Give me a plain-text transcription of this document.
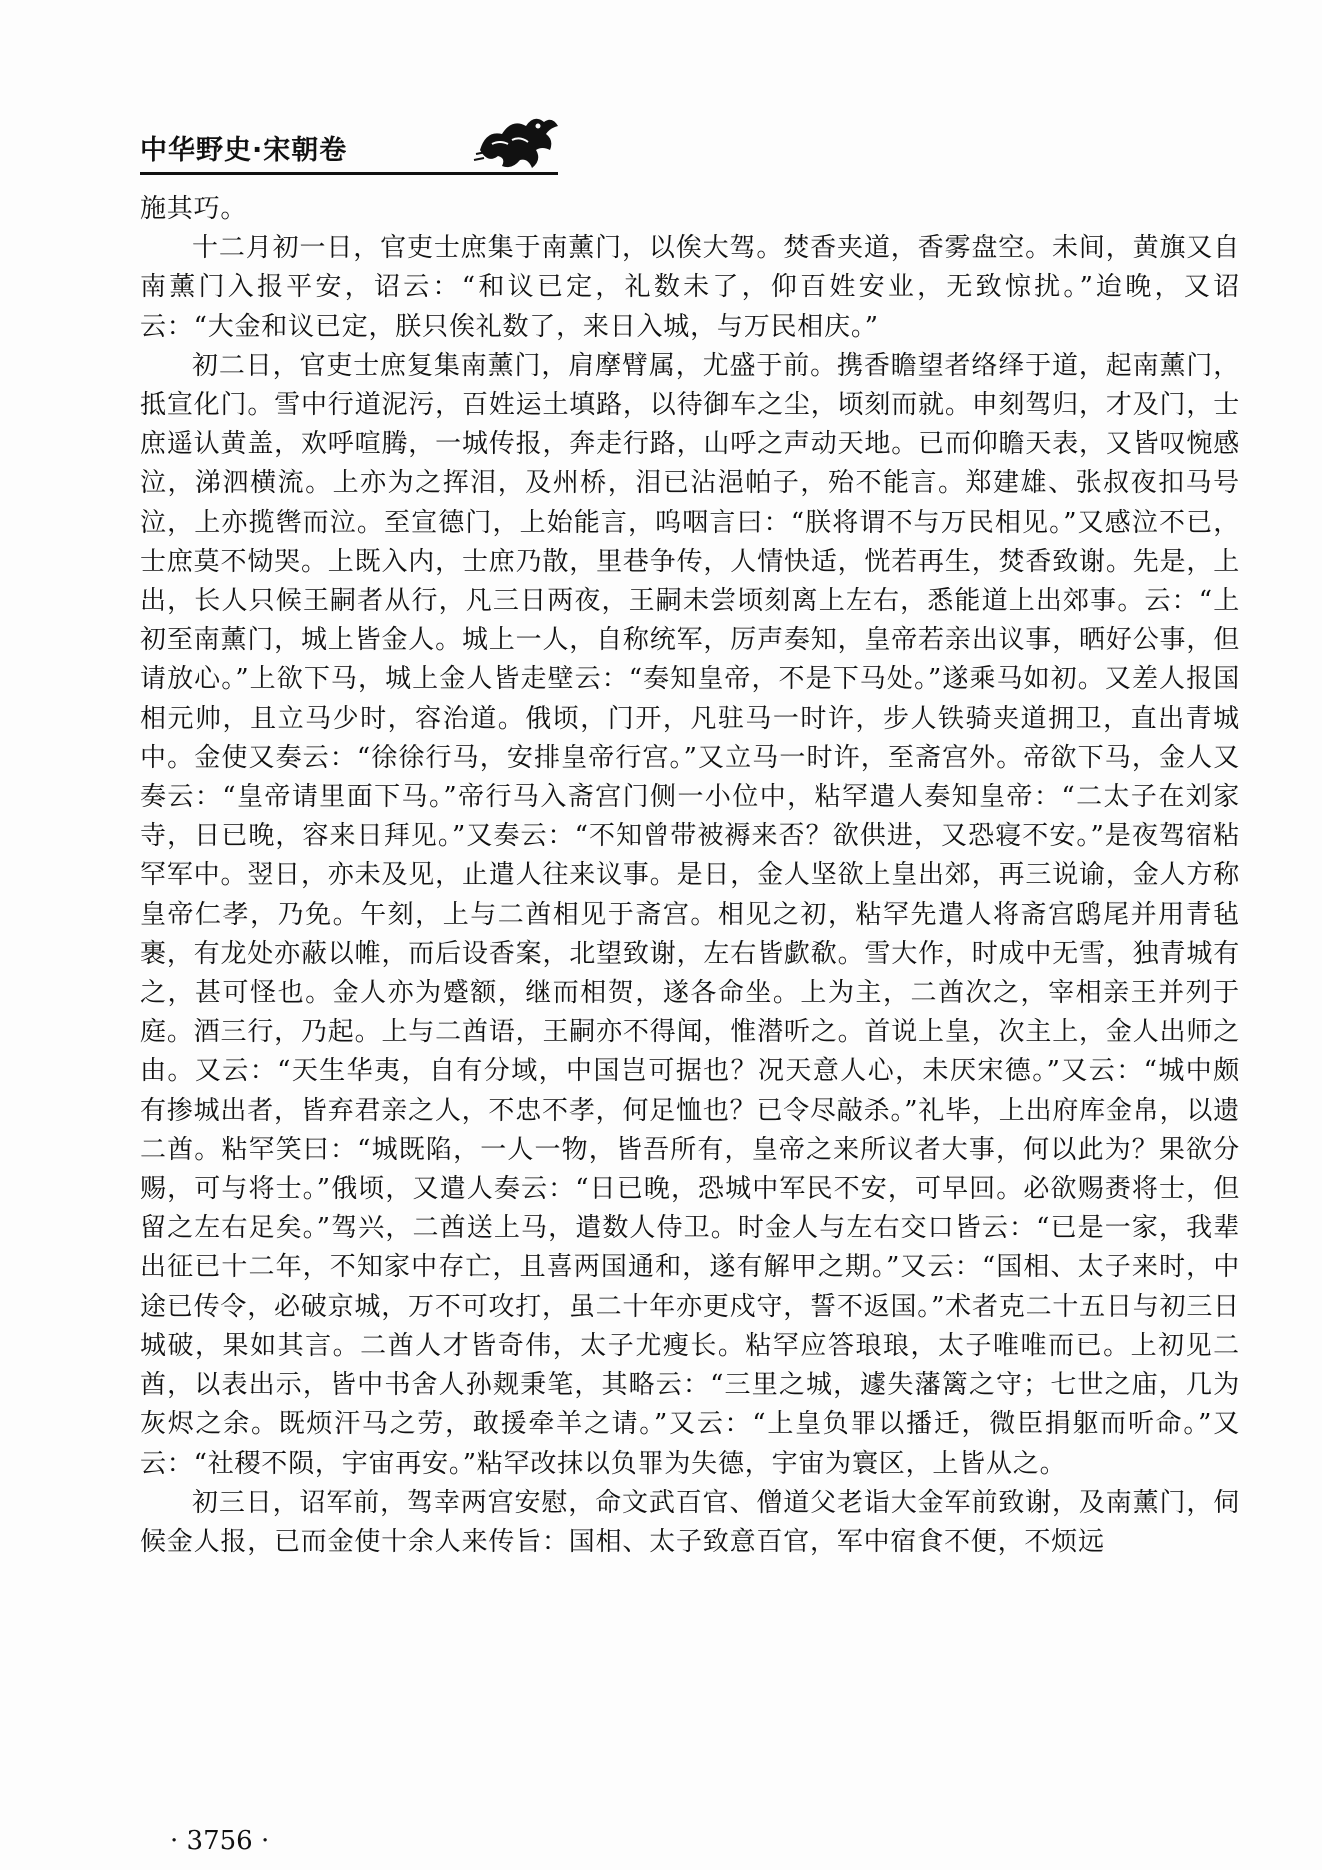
中华野史·宋朝卷

施其巧。

十二月初一日，官吏士庶集于南薰门，以俟大驾。焚香夹道，香雾盘空。未间，黄旗又自南薰门入报平安，诏云：“和议已定，礼数未了，仰百姓安业，无致惊扰。”迨晚，又诏云：“大金和议已定，朕只俟礼数了，来日入城，与万民相庆。”

初二日，官吏士庶复集南薰门，肩摩臂属，尤盛于前。携香瞻望者络绎于道，起南薰门，抵宣化门。雪中行道泥污，百姓运土填路，以待御车之尘，顷刻而就。申刻驾归，才及门，士庶遥认黄盖，欢呼喧腾，一城传报，奔走行路，山呼之声动天地。已而仰瞻天表，又皆叹惋感泣，涕泗横流。上亦为之挥泪，及州桥，泪已沾浥帕子，殆不能言。郑建雄、张叔夜扣马号泣，上亦揽辔而泣。至宣德门，上始能言，呜咽言曰：“朕将谓不与万民相见。”又感泣不已，士庶莫不恸哭。上既入内，士庶乃散，里巷争传，人情快适，恍若再生，焚香致谢。先是，上出，长人只候王嗣者从行，凡三日两夜，王嗣未尝顷刻离上左右，悉能道上出郊事。云：“上初至南薰门，城上皆金人。城上一人，自称统军，厉声奏知，皇帝若亲出议事，晒好公事，但请放心。”上欲下马，城上金人皆走壁云：“奏知皇帝，不是下马处。”遂乘马如初。又差人报国相元帅，且立马少时，容治道。俄顷，门开，凡驻马一时许，步人铁骑夹道拥卫，直出青城中。金使又奏云：“徐徐行马，安排皇帝行宫。”又立马一时许，至斋宫外。帝欲下马，金人又奏云：“皇帝请里面下马。”帝行马入斋宫门侧一小位中，粘罕遣人奏知皇帝：“二太子在刘家寺，日已晚，容来日拜见。”又奏云：“不知曾带被褥来否？欲供进，又恐寝不安。”是夜驾宿粘罕军中。翌日，亦未及见，止遣人往来议事。是日，金人坚欲上皇出郊，再三说谕，金人方称皇帝仁孝，乃免。午刻，上与二酋相见于斋宫。相见之初，粘罕先遣人将斋宫鸱尾并用青毡裹，有龙处亦蔽以帷，而后设香案，北望致谢，左右皆歔欷。雪大作，时成中无雪，独青城有之，甚可怪也。金人亦为蹙额，继而相贺，遂各命坐。上为主，二酋次之，宰相亲王并列于庭。酒三行，乃起。上与二酋语，王嗣亦不得闻，惟潜听之。首说上皇，次主上，金人出师之由。又云：“天生华夷，自有分域，中国岂可据也？况天意人心，未厌宋德。”又云：“城中颇有掺城出者，皆弃君亲之人，不忠不孝，何足恤也？已令尽敲杀。”礼毕，上出府库金帛，以遗二酋。粘罕笑曰：“城既陷，一人一物，皆吾所有，皇帝之来所议者大事，何以此为？果欲分赐，可与将士。”俄顷，又遣人奏云：“日已晚，恐城中军民不安，可早回。必欲赐赉将士，但留之左右足矣。”驾兴，二酋送上马，遣数人侍卫。时金人与左右交口皆云：“已是一家，我辈出征已十二年，不知家中存亡，且喜两国通和，遂有解甲之期。”又云：“国相、太子来时，中途已传令，必破京城，万不可攻打，虽二十年亦更戍守，誓不返国。”术者克二十五日与初三日城破，果如其言。二酋人才皆奇伟，太子尤瘦长。粘罕应答琅琅，太子唯唯而已。上初见二酋，以表出示，皆中书舍人孙觌秉笔，其略云：“三里之城，遽失藩篱之守；七世之庙，几为灰烬之余。既烦汗马之劳，敢援牵羊之请。”又云：“上皇负罪以播迁，微臣捐躯而听命。”又云：“社稷不陨，宇宙再安。”粘罕改抹以负罪为失德，宇宙为寰区，上皆从之。

初三日，诏军前，驾幸两宫安慰，命文武百官、僧道父老诣大金军前致谢，及南薰门，伺候金人报，已而金使十余人来传旨：国相、太子致意百官，军中宿食不便，不烦远

· 3756 ·
